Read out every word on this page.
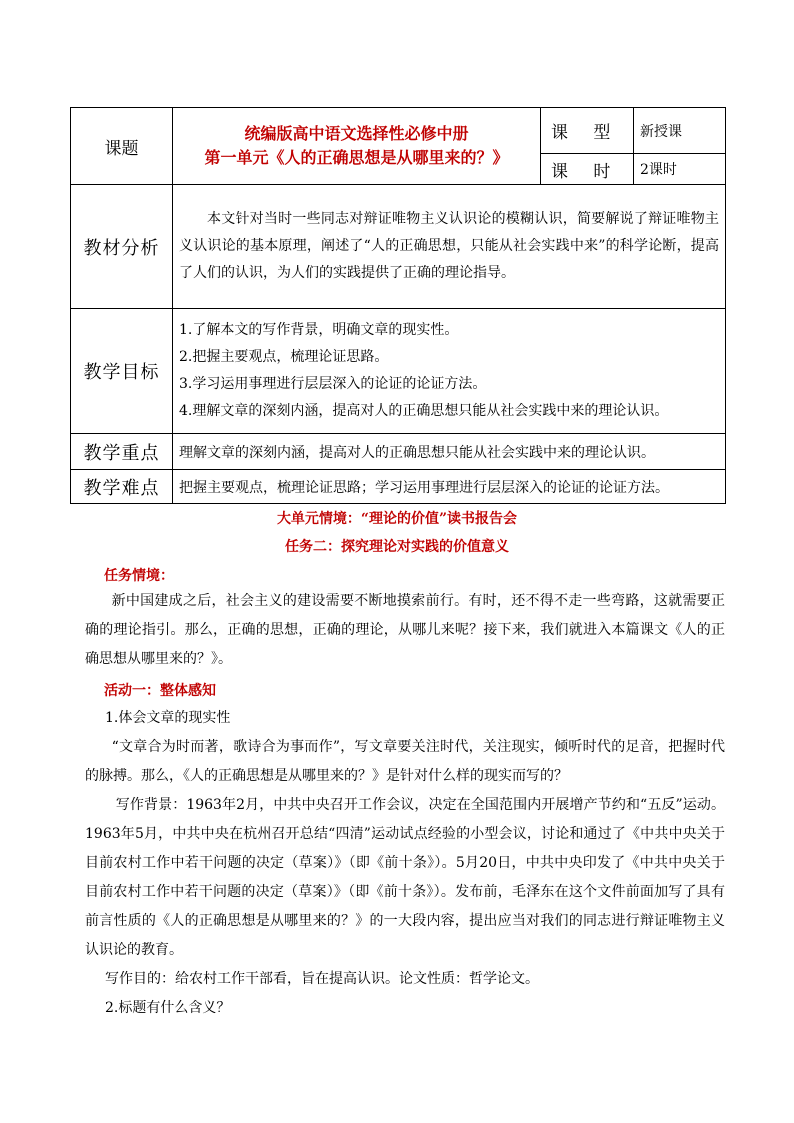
课题	统编版高中语文选择性必修中册
第一单元《人的正确思想是从哪里来的？》	课 型	新授课
		课 时	2课时
教材分析	本文针对当时一些同志对辩证唯物主义认识论的模糊认识，简要解说了辩证唯物主义认识论的基本原理，阐述了“人的正确思想，只能从社会实践中来”的科学论断，提高了人们的认识，为人们的实践提供了正确的理论指导。		
教学目标	1.了解本文的写作背景，明确文章的现实性。
2.把握主要观点，梳理论证思路。
3.学习运用事理进行层层深入的论证的论证方法。
4.理解文章的深刻内涵，提高对人的正确思想只能从社会实践中来的理论认识。		

教学重点	理解文章的深刻内涵，提高对人的正确思想只能从社会实践中来的理论认识。		
教学难点	把握主要观点，梳理论证思路；学习运用事理进行层层深入的论证的论证方法。		
大单元情境：“理论的价值”读书报告会
任务二：探究理论对实践的价值意义
任务情境：

新中国建成之后，社会主义的建设需要不断地摸索前行。有时，还不得不走一些弯路，这就需要正确的理论指引。那么，正确的思想，正确的理论，从哪儿来呢？接下来，我们就进入本篇课文《人的正确思想从哪里来的？》。

活动一：整体感知

1.体会文章的现实性

“文章合为时而著，歌诗合为事而作”，写文章要关注时代，关注现实，倾听时代的足音，把握时代的脉搏。那么，《人的正确思想是从哪里来的？》是针对什么样的现实而写的？

写作背景：1963年2月，中共中央召开工作会议，决定在全国范围内开展增产节约和“五反”运动。1963年5月，中共中央在杭州召开总结“四清”运动试点经验的小型会议，讨论和通过了《中共中央关于目前农村工作中若干问题的决定（草案）》（即《前十条》）。5月20日，中共中央印发了《中共中央关于目前农村工作中若干问题的决定（草案）》（即《前十条》）。发布前，毛泽东在这个文件前面加写了具有前言性质的《人的正确思想是从哪里来的？》的一大段内容，提出应当对我们的同志进行辩证唯物主义认识论的教育。

写作目的：给农村工作干部看，旨在提高认识。论文性质：哲学论文。

2.标题有什么含义？
